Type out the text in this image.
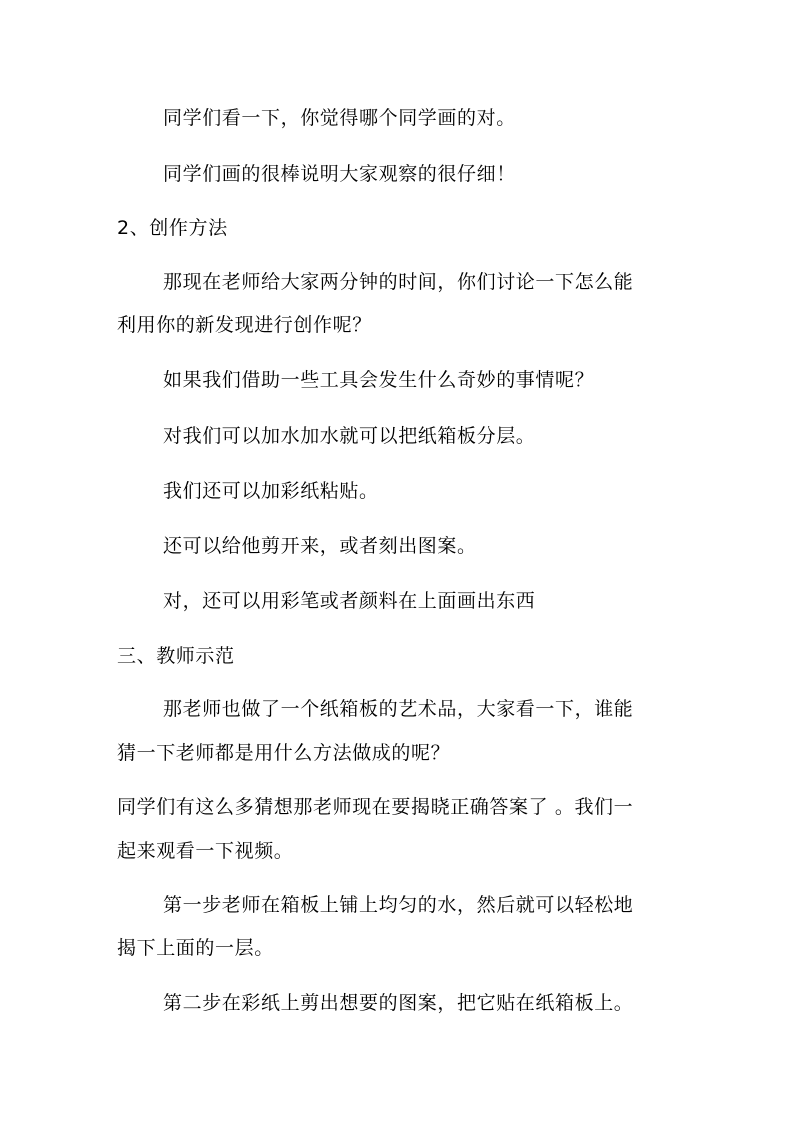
同学们看一下，你觉得哪个同学画的对。
同学们画的很棒说明大家观察的很仔细！
2、创作方法
那现在老师给大家两分钟的时间，你们讨论一下怎么能
利用你的新发现进行创作呢？
如果我们借助一些工具会发生什么奇妙的事情呢？
对我们可以加水加水就可以把纸箱板分层。
我们还可以加彩纸粘贴。
还可以给他剪开来，或者刻出图案。
对，还可以用彩笔或者颜料在上面画出东西
三、教师示范
那老师也做了一个纸箱板的艺术品，大家看一下，谁能
猜一下老师都是用什么方法做成的呢？
同学们有这么多猜想那老师现在要揭晓正确答案了 。我们一
起来观看一下视频。
第一步老师在箱板上铺上均匀的水，然后就可以轻松地
揭下上面的一层。
第二步在彩纸上剪出想要的图案，把它贴在纸箱板上。
